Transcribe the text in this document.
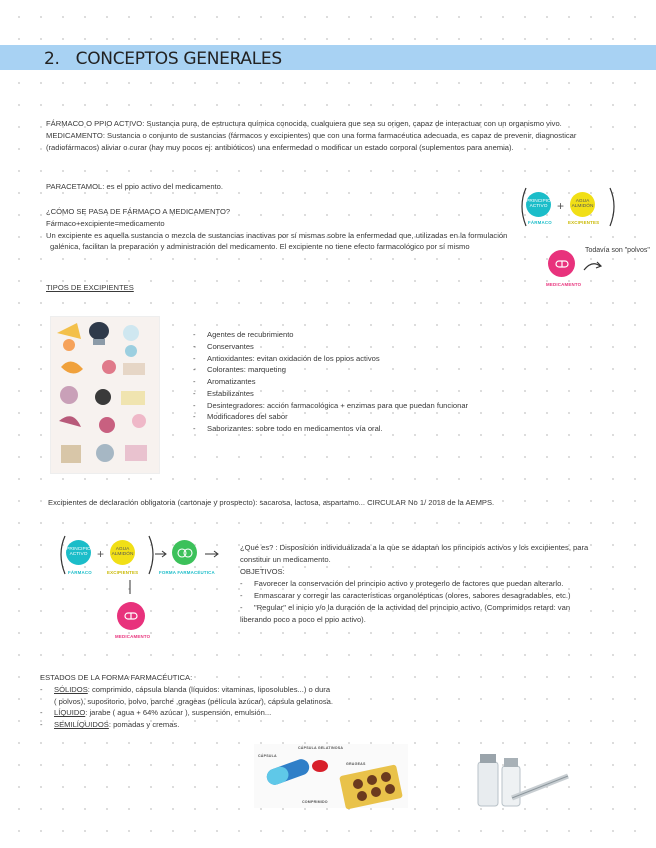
2. CONCEPTOS GENERALES
FÁRMACO O PPIO ACTIVO: Sustancia pura, de estructura química conocida, cualquiera que sea su origen, capaz de interactuar con un organismo vivo.
MEDICAMENTO: Sustancia o conjunto de sustancias (fármacos y excipientes) que con una forma farmacéutica adecuada, es capaz de prevenir, diagnosticar
(radiofármacos) aliviar o curar (hay muy pocos ej: antibióticos) una enfermedad o modificar un estado corporal (suplementos para anemia).
PARACETAMOL: es el ppio activo del medicamento.
¿CÓMO SE PASA DE FÁRMACO A MEDICAMENTO?
Fármaco+excipiente=medicamento
Un excipiente es aquella sustancia o mezcla de sustancias inactivas por sí mismas sobre la enfermedad que, utilizadas en la formulación
galénica, facilitan la preparación y administración del medicamento. El excipiente no tiene efecto farmacológico por sí mismo
PRINCIPIO ACTIVO +	AGUA ALMIDÓN
FÁRMACO	EXCIPIENTES
MEDICAMENTO
Todavía son "polvos"
TIPOS DE EXCIPIENTES
- Agentes de recubrimiento
- Conservantes
- Antioxidantes: evitan oxidación de los ppios activos
- Colorantes: marqueting
- Aromatizantes
- Estabilizantes
- Desintegradores: acción farmacológica + enzimas para que puedan funcionar
- Modificadores del sabor
- Saborizantes: sobre todo en medicamentos vía oral.
Excipientes de declaración obligatoria (cartonaje y prospecto): sacarosa, lactosa, aspartamo... CIRCULAR No 1/ 2018 de la AEMPS.
PRINCIPIO ACTIVO +	AGUA ALMIDÓN
FÁRMACO	EXCIPIENTES	FORMA FARMACÉUTICA
MEDICAMENTO
¿Qué es? : Disposición individualizada a la que se adaptan los principios activos y los excipientes, para
constituir un medicamento.
OBJETIVOS:
- Favorecer la conservación del principio activo y protegerlo de factores que puedan alterarlo.
- Enmascarar y corregir las características organolépticas (olores, sabores desagradables, etc.)
- "Regular" el inicio y/o la duración de la actividad del principio activo. (Comprimidos retard: van
liberando poco a poco el ppio activo).
ESTADOS DE LA FORMA FARMACÉUTICA:
- SÓLIDOS: comprimido, cápsula blanda (líquidos: vitaminas, liposolubles...) o dura
( polvos), supositorio, polvo, parche ,grageas (película azúcar), cápsula gelatinosa.
- LÍQUIDO: jarabe ( agua + 64% azúcar ), suspensión, emulsión...
- SEMILÍQUIDOS: pomadas y cremas.
CÁPSULA GELATINOSA
CÁPSULA
GRAGEAS
COMPRIMIDO
